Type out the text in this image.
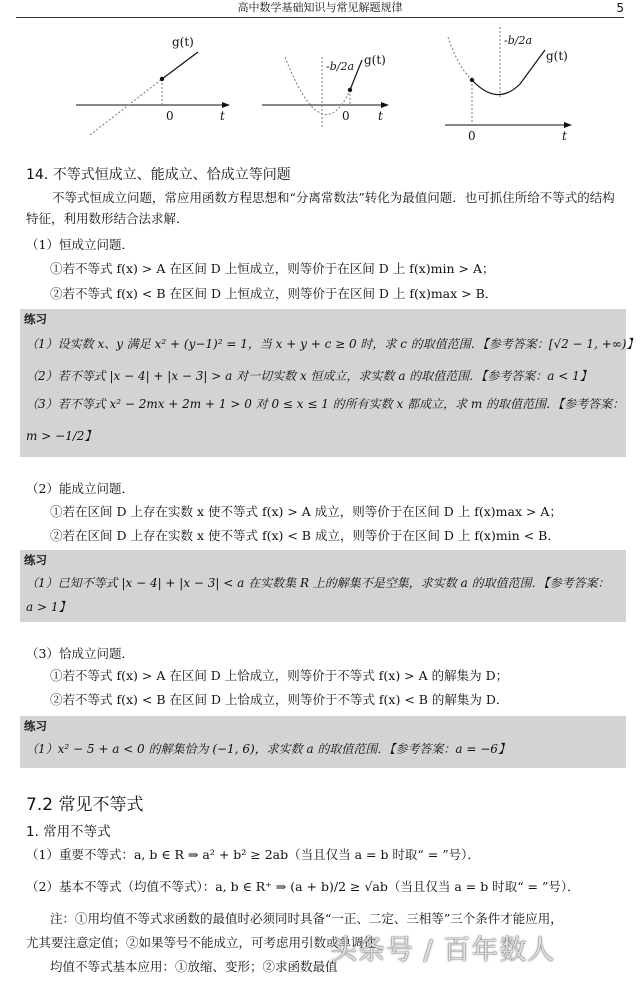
高中数学基础知识与常见解题规律	5
g(t)
0	t
-b/2a g(t)
0 t
-b/2a
g(t)
0	t
14. 不等式恒成立、能成立、恰成立等问题
不等式恒成立问题，常应用函数方程思想和“分离常数法”转化为最值问题．也可抓住所给不等式的结构特征，利用数形结合法求解．
（1）恒成立问题．
①若不等式 f(x) > A 在区间 D 上恒成立，则等价于在区间 D 上 f(x)min > A；
②若不等式 f(x) < B 在区间 D 上恒成立，则等价于在区间 D 上 f(x)max > B．
练习
（1）设实数 x、y 满足 x² + (y−1)² = 1，当 x + y + c ≥ 0 时，求 c 的取值范围．【参考答案：[√2 − 1, +∞)】
（2）若不等式 |x − 4| + |x − 3| > a 对一切实数 x 恒成立，求实数 a 的取值范围．【参考答案：a < 1】
（3）若不等式 x² − 2mx + 2m + 1 > 0 对 0 ≤ x ≤ 1 的所有实数 x 都成立，求 m 的取值范围．【参考答案：
m > −1/2】
（2）能成立问题．
①若在区间 D 上存在实数 x 使不等式 f(x) > A 成立，则等价于在区间 D 上 f(x)max > A；
②若在区间 D 上存在实数 x 使不等式 f(x) < B 成立，则等价于在区间 D 上 f(x)min < B．
练习
（1）已知不等式 |x − 4| + |x − 3| < a 在实数集 R 上的解集不是空集，求实数 a 的取值范围．【参考答案：
a > 1】
（3）恰成立问题．
①若不等式 f(x) > A 在区间 D 上恰成立，则等价于不等式 f(x) > A 的解集为 D；
②若不等式 f(x) < B 在区间 D 上恰成立，则等价于不等式 f(x) < B 的解集为 D．
练习
（1）x² − 5 + a < 0 的解集恰为 (−1, 6)，求实数 a 的取值范围．【参考答案：a = −6】
7.2 常见不等式
1. 常用不等式
（1）重要不等式：a, b ∈ R ⇒ a² + b² ≥ 2ab（当且仅当 a = b 时取“ = ”号）．
（2）基本不等式（均值不等式）：a, b ∈ R⁺ ⇒ (a + b)/2 ≥ √ab（当且仅当 a = b 时取“ = ”号）．
注：①用均值不等式求函数的最值时必须同时具备“一正、二定、三相等”三个条件才能应用，
尤其要注意定值；②如果等号不能成立，可考虑用引数或单调性
均值不等式基本应用：①放缩、变形；②求函数最值
头条号 / 百年数人
